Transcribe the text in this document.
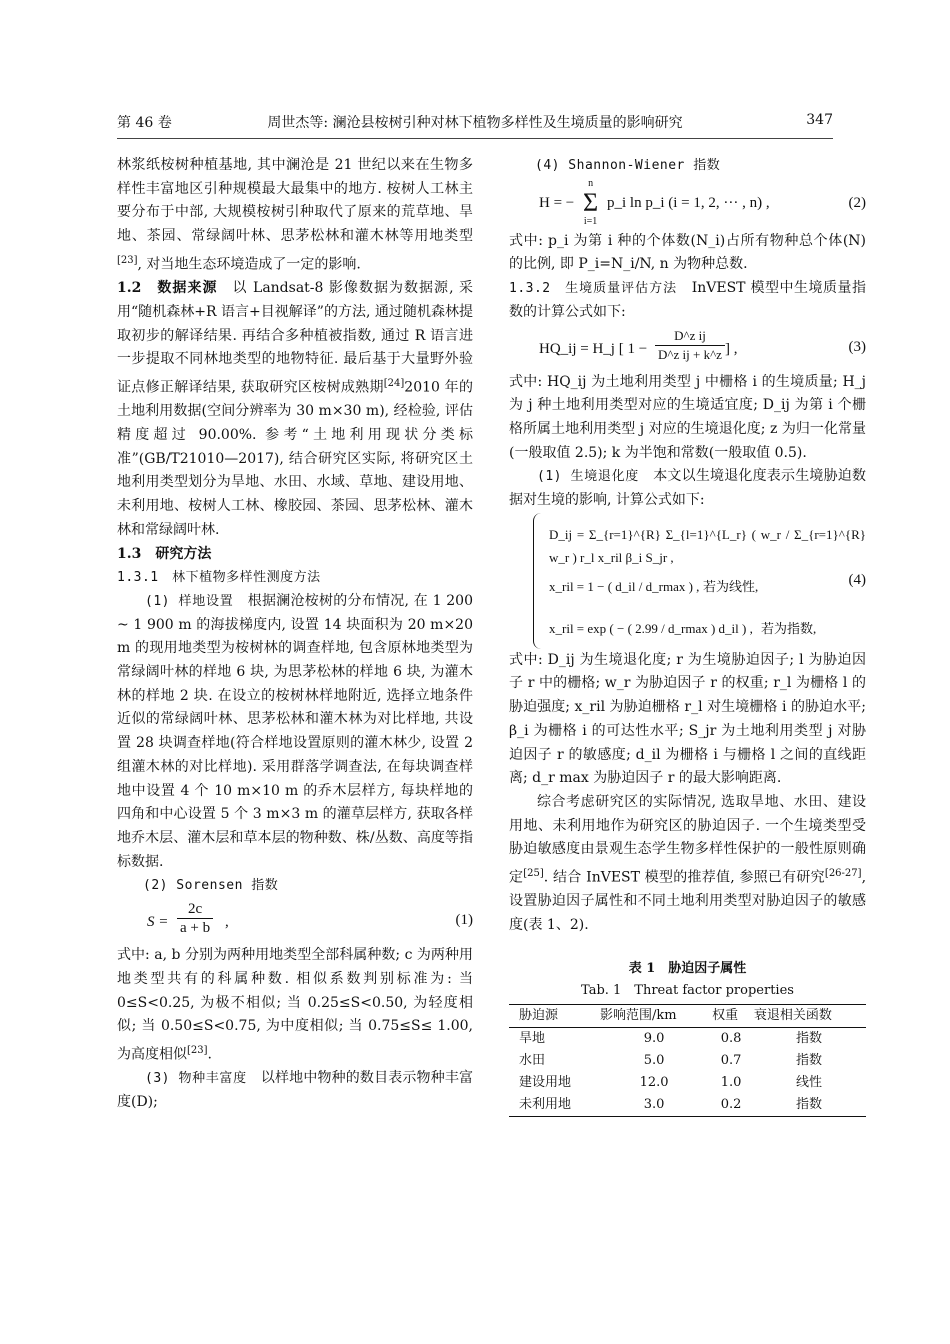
第 46 卷	周世杰等: 澜沧县桉树引种对林下植物多样性及生境质量的影响研究	347

林浆纸桉树种植基地, 其中澜沧是 21 世纪以来在生物多样性丰富地区引种规模最大最集中的地方. 桉树人工林主要分布于中部, 大规模桉树引种取代了原来的荒草地、旱地、茶园、常绿阔叶林、思茅松林和灌木林等用地类型[23], 对当地生态环境造成了一定的影响.

1.2　数据来源　以 Landsat-8 影像数据为数据源, 采用“随机森林+R 语言+目视解译”的方法, 通过随机森林提取初步的解译结果. 再结合多种植被指数, 通过 R 语言进一步提取不同林地类型的地物特征. 最后基于大量野外验证点修正解译结果, 获取研究区桉树成熟期[24]2010 年的土地利用数据(空间分辨率为 30 m×30 m), 经检验, 评估精度超过 90.00%. 参考“土地利用现状分类标准”(GB/T21010—2017), 结合研究区实际, 将研究区土地利用类型划分为旱地、水田、水域、草地、建设用地、未利用地、桉树人工林、橡胶园、茶园、思茅松林、灌木林和常绿阔叶林.

1.3　研究方法

1.3.1　林下植物多样性测度方法

(1) 样地设置　根据澜沧桉树的分布情况, 在 1 200 ~ 1 900 m 的海拔梯度内, 设置 14 块面积为 20 m×20 m 的现用地类型为桉树林的调查样地, 包含原林地类型为常绿阔叶林的样地 6 块, 为思茅松林的样地 6 块, 为灌木林的样地 2 块. 在设立的桉树林样地附近, 选择立地条件近似的常绿阔叶林、思茅松林和灌木林为对比样地, 共设置 28 块调查样地(符合样地设置原则的灌木林少, 设置 2 组灌木林的对比样地). 采用群落学调查法, 在每块调查样地中设置 4 个 10 m×10 m 的乔木层样方, 每块样地的四角和中心设置 5 个 3 m×3 m 的灌草层样方, 获取各样地乔木层、灌木层和草本层的物种数、株/丛数、高度等指标数据.

(2) Sorensen 指数

$S = \frac{2c}{a + b}$ ,	(1)

式中: a, b 分别为两种用地类型全部科属种数; c 为两种用地类型共有的科属种数. 相似系数判别标准为: 当 0≤S<0.25, 为极不相似; 当 0.25≤S<0.50, 为轻度相似; 当 0.50≤S<0.75, 为中度相似; 当 0.75≤S≤ 1.00, 为高度相似[23].

(3) 物种丰富度　以样地中物种的数目表示物种丰富度(D);

(4) Shannon-Wiener 指数

H = −
n
Σ
i=1
p_i ln p_i (i = 1, 2, ··· , n) ,	(2)

式中: p_i 为第 i 种的个体数(N_i)占所有物种总个体(N)的比例, 即 P_i=N_i/N, n 为物种总数.

1.3.2　生境质量评估方法　InVEST 模型中生境质量指数的计算公式如下:

HQ_ij = H_j [ $1 - \frac{\text{D\textasciicircum{}z ij}}{\text{D\textasciicircum{}z ij + k\textasciicircum{}z}}$ ] ,	(3)

式中: HQ_ij 为土地利用类型 j 中栅格 i 的生境质量; H_j 为 j 种土地利用类型对应的生境适宜度; D_ij 为第 i 个栅格所属土地利用类型 j 对应的生境退化度; z 为归一化常量(一般取值 2.5); k 为半饱和常数(一般取值 0.5).

(1) 生境退化度　本文以生境退化度表示生境胁迫数据对生境的影响, 计算公式如下:

D_ij = Σ_{r=1}^{R} Σ_{l=1}^{L_r} ( w_r / Σ_{r=1}^{R} w_r ) r_l x_ril β_i S_jr ,
x_ril = 1 − ( d_il / d_rmax ) , 若为线性,
x_ril = exp ( − ( 2.99 / d_rmax ) d_il ) , 若为指数,
(4)

式中: D_ij 为生境退化度; r 为生境胁迫因子; l 为胁迫因子 r 中的栅格; w_r 为胁迫因子 r 的权重; r_l 为栅格 l 的胁迫强度; x_ril 为胁迫栅格 r_l 对生境栅格 i 的胁迫水平; β_i 为栅格 i 的可达性水平; S_jr 为土地利用类型 j 对胁迫因子 r 的敏感度; d_il 为栅格 i 与栅格 l 之间的直线距离; d_r max 为胁迫因子 r 的最大影响距离.

综合考虑研究区的实际情况, 选取旱地、水田、建设用地、未利用地作为研究区的胁迫因子. 一个生境类型受胁迫敏感度由景观生态学生物多样性保护的一般性原则确定[25]. 结合 InVEST 模型的推荐值, 参照已有研究[26-27], 设置胁迫因子属性和不同土地利用类型对胁迫因子的敏感度(表 1、2).

表 1　胁迫因子属性
Tab. 1　Threat factor properties
胁迫源	影响范围/km	权重	衰退相关函数
旱地	9.0	0.8	指数
水田	5.0	0.7	指数
建设用地	12.0	1.0	线性
未利用地	3.0	0.2	指数
